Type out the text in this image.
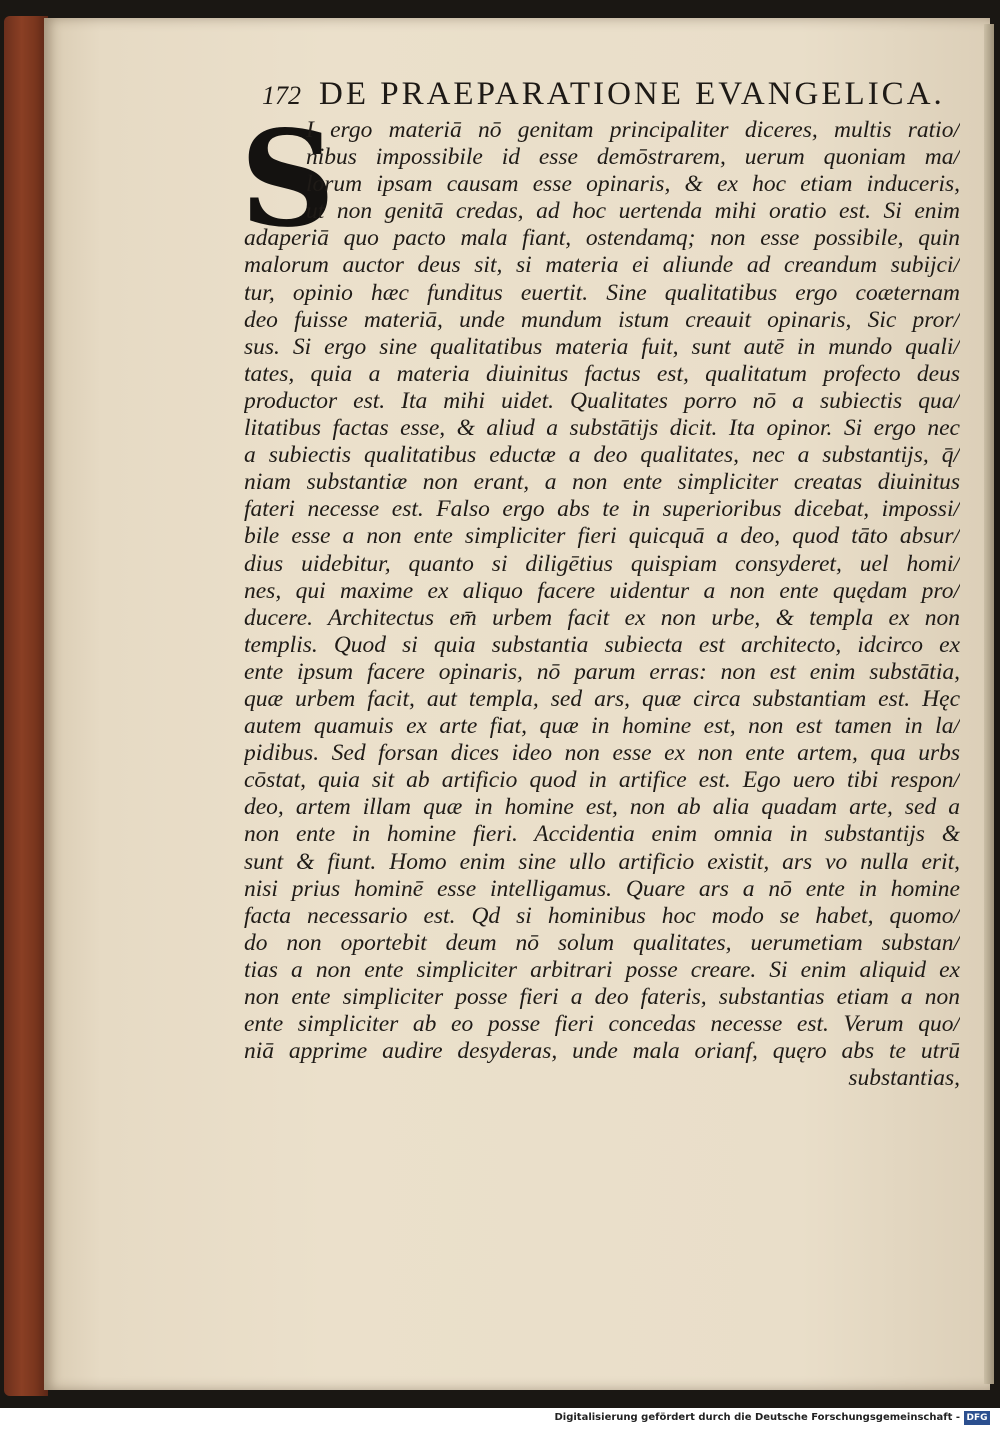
172 DE PRAEPARATIONE EVANGELICA.
S
I ergo materiā nō genitam principaliter diceres, multis ratio/
nibus impossibile id esse demōstrarem, uerum quoniam ma/
lorum ipsam causam esse opinaris, & ex hoc etiam induceris,
ut non genitā credas, ad hoc uertenda mihi oratio est. Si enim
adaperiā quo pacto mala fiant, ostendamq; non esse possibile, quin
malorum auctor deus sit, si materia ei aliunde ad creandum subijci/
tur, opinio hæc funditus euertit. Sine qualitatibus ergo coæternam
deo fuisse materiā, unde mundum istum creauit opinaris, Sic pror/
sus. Si ergo sine qualitatibus materia fuit, sunt autē in mundo quali/
tates, quia a materia diuinitus factus est, qualitatum profecto deus
productor est. Ita mihi uidet. Qualitates porro nō a subiectis qua/
litatibus factas esse, & aliud a substātijs dicit. Ita opinor. Si ergo nec
a subiectis qualitatibus eductæ a deo qualitates, nec a substantijs, q̄/
niam substantiæ non erant, a non ente simpliciter creatas diuinitus
fateri necesse est. Falso ergo abs te in superioribus dicebat, impossi/
bile esse a non ente simpliciter fieri quicquā a deo, quod tāto absur/
dius uidebitur, quanto si diligētius quispiam consyderet, uel homi/
nes, qui maxime ex aliquo facere uidentur a non ente quędam pro/
ducere. Architectus em̄ urbem facit ex non urbe, & templa ex non
templis. Quod si quia substantia subiecta est architecto, idcirco ex
ente ipsum facere opinaris, nō parum erras: non est enim substātia,
quæ urbem facit, aut templa, sed ars, quæ circa substantiam est. Hęc
autem quamuis ex arte fiat, quæ in homine est, non est tamen in la/
pidibus. Sed forsan dices ideo non esse ex non ente artem, qua urbs
cōstat, quia sit ab artificio quod in artifice est. Ego uero tibi respon/
deo, artem illam quæ in homine est, non ab alia quadam arte, sed a
non ente in homine fieri. Accidentia enim omnia in substantijs &
sunt & fiunt. Homo enim sine ullo artificio existit, ars vo nulla erit,
nisi prius hominē esse intelligamus. Quare ars a nō ente in homine
facta necessario est. Qd si hominibus hoc modo se habet, quomo/
do non oportebit deum nō solum qualitates, uerumetiam substan/
tias a non ente simpliciter arbitrari posse creare. Si enim aliquid ex
non ente simpliciter posse fieri a deo fateris, substantias etiam a non
ente simpliciter ab eo posse fieri concedas necesse est. Verum quo/
niā apprime audire desyderas, unde mala orianf, quęro abs te utrū
substantias,
Digitalisierung gefördert durch die Deutsche Forschungsgemeinschaft - DFG
